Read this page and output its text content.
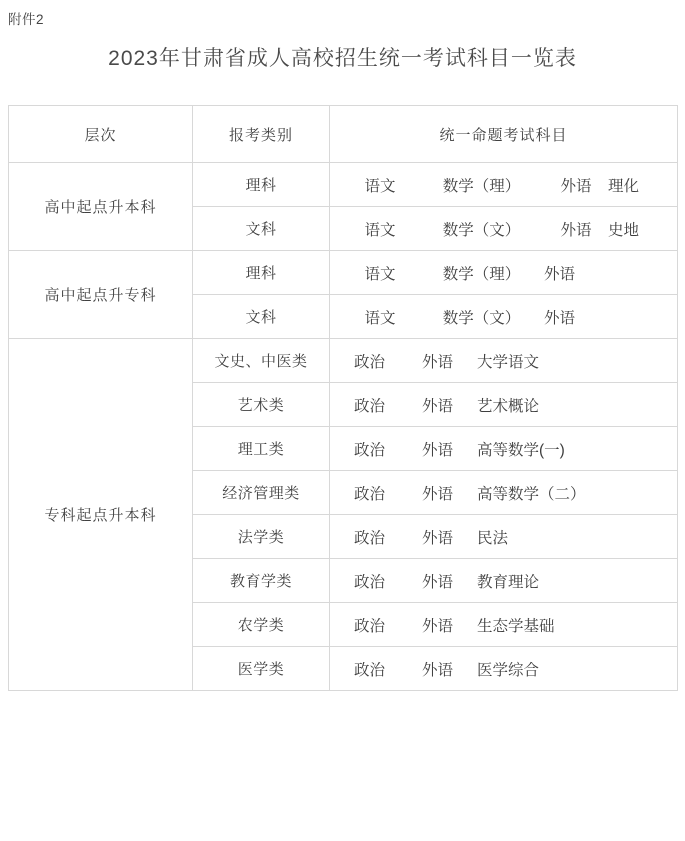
附件2
2023年甘肃省成人高校招生统一考试科目一览表
层次	报考类别	统一命题考试科目
高中起点升本科	理科	语文 数学（理） 外语 理化

	文科	语文 数学（文） 外语 史地

高中起点升专科	理科	语文 数学（理） 外语

	文科	语文 数学（文） 外语

专科起点升本科	文史、中医类	政治 外语 大学语文

	艺术类	政治 外语 艺术概论

	理工类	政治 外语 高等数学(一)

	经济管理类	政治 外语 高等数学（二）

	法学类	政治 外语 民法

	教育学类	政治 外语 教育理论

	农学类	政治 外语 生态学基础

	医学类	政治 外语 医学综合
